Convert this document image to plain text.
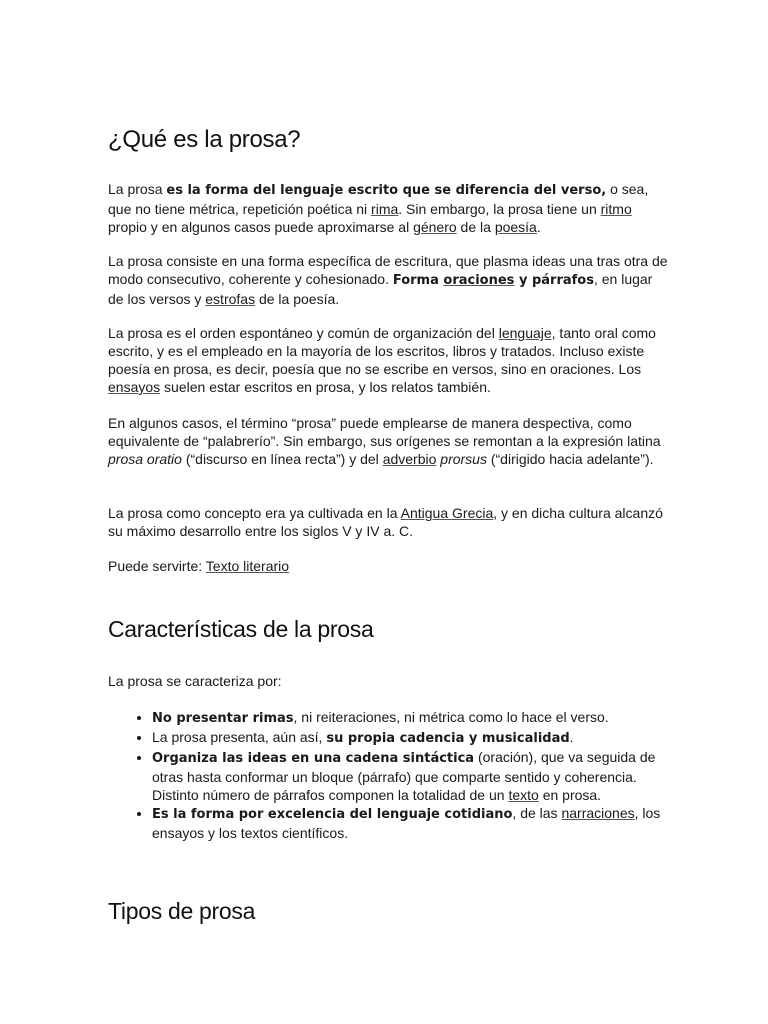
¿Qué es la prosa?

La prosa es la forma del lenguaje escrito que se diferencia del verso, o sea, que no tiene métrica, repetición poética ni rima. Sin embargo, la prosa tiene un ritmo propio y en algunos casos puede aproximarse al género de la poesía.

La prosa consiste en una forma específica de escritura, que plasma ideas una tras otra de modo consecutivo, coherente y cohesionado. Forma oraciones y párrafos, en lugar de los versos y estrofas de la poesía.

La prosa es el orden espontáneo y común de organización del lenguaje, tanto oral como escrito, y es el empleado en la mayoría de los escritos, libros y tratados. Incluso existe poesía en prosa, es decir, poesía que no se escribe en versos, sino en oraciones. Los ensayos suelen estar escritos en prosa, y los relatos también.

En algunos casos, el término “prosa” puede emplearse de manera despectiva, como equivalente de “palabrerío”. Sin embargo, sus orígenes se remontan a la expresión latina prosa oratio (“discurso en línea recta”) y del adverbio prorsus (“dirigido hacia adelante”).

La prosa como concepto era ya cultivada en la Antigua Grecia, y en dicha cultura alcanzó su máximo desarrollo entre los siglos V y IV a. C.

Puede servirte: Texto literario

Características de la prosa

La prosa se caracteriza por:

• No presentar rimas, ni reiteraciones, ni métrica como lo hace el verso.
• La prosa presenta, aún así, su propia cadencia y musicalidad.
• Organiza las ideas en una cadena sintáctica (oración), que va seguida de otras hasta conformar un bloque (párrafo) que comparte sentido y coherencia. Distinto número de párrafos componen la totalidad de un texto en prosa.
• Es la forma por excelencia del lenguaje cotidiano, de las narraciones, los ensayos y los textos científicos.
Tipos de prosa
